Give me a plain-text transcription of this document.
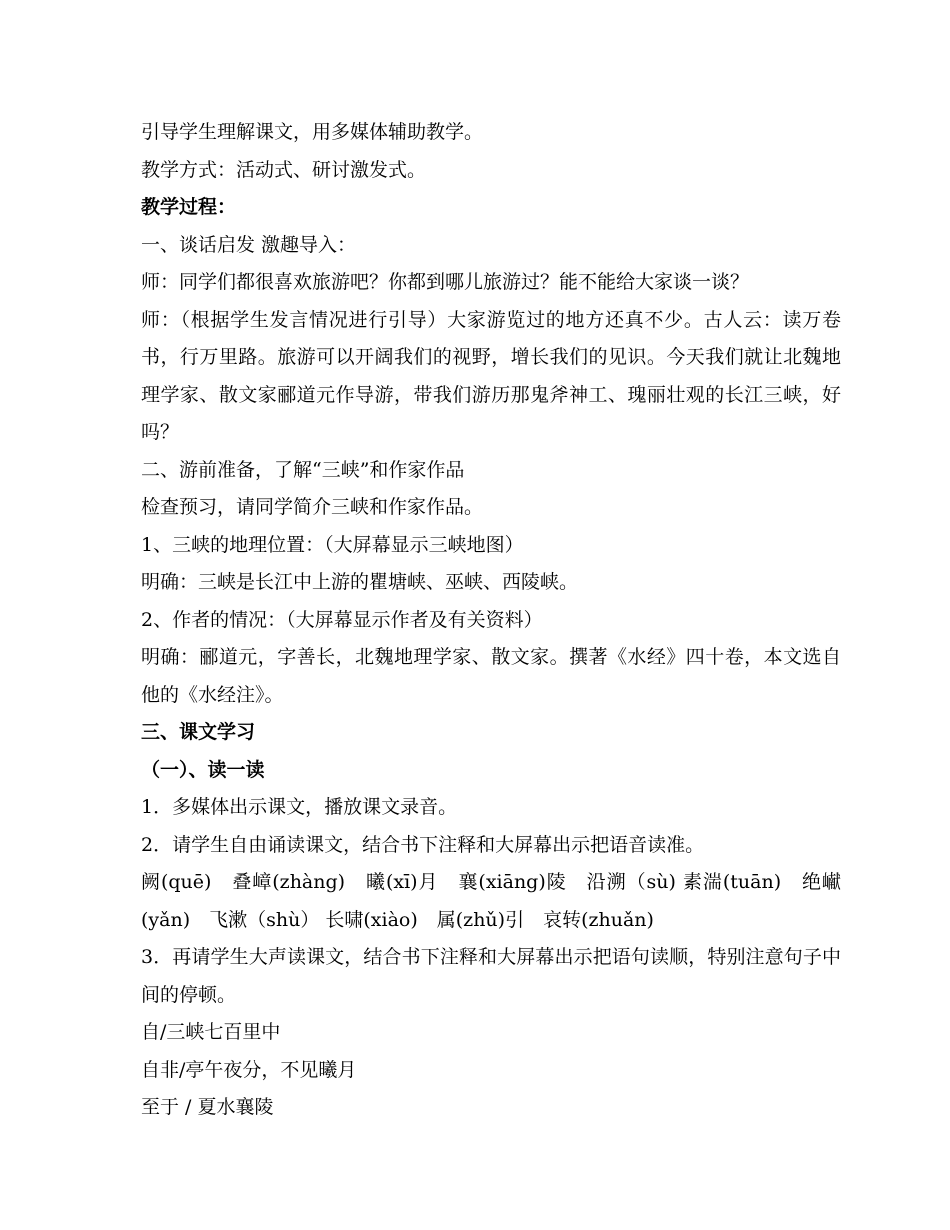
引导学生理解课文，用多媒体辅助教学。
教学方式：活动式、研讨激发式。
教学过程：
一、谈话启发 激趣导入：
师：同学们都很喜欢旅游吧？你都到哪儿旅游过？能不能给大家谈一谈？
师：（根据学生发言情况进行引导）大家游览过的地方还真不少。古人云：读万卷书，行万里路。旅游可以开阔我们的视野，增长我们的见识。今天我们就让北魏地理学家、散文家郦道元作导游，带我们游历那鬼斧神工、瑰丽壮观的长江三峡，好吗？
二、游前准备，了解“三峡”和作家作品
检查预习，请同学简介三峡和作家作品。
1、三峡的地理位置：（大屏幕显示三峡地图）
明确：三峡是长江中上游的瞿塘峡、巫峡、西陵峡。
2、作者的情况：（大屏幕显示作者及有关资料）
明确：郦道元，字善长，北魏地理学家、散文家。撰著《水经》四十卷，本文选自他的《水经注》。
三、课文学习
（一）、读一读
1．多媒体出示课文，播放课文录音。
2．请学生自由诵读课文，结合书下注释和大屏幕出示把语音读准。
阙(quē)　叠嶂(zhàng)　曦(xī)月　襄(xiāng)陵　沿溯（sù) 素湍(tuān)　绝𪩘(yǎn)　飞漱（shù） 长啸(xiào)　属(zhǔ)引　哀转(zhuǎn)
3．再请学生大声读课文，结合书下注释和大屏幕出示把语句读顺，特别注意句子中间的停顿。
自/三峡七百里中
自非/亭午夜分，不见曦月
至于 / 夏水襄陵
